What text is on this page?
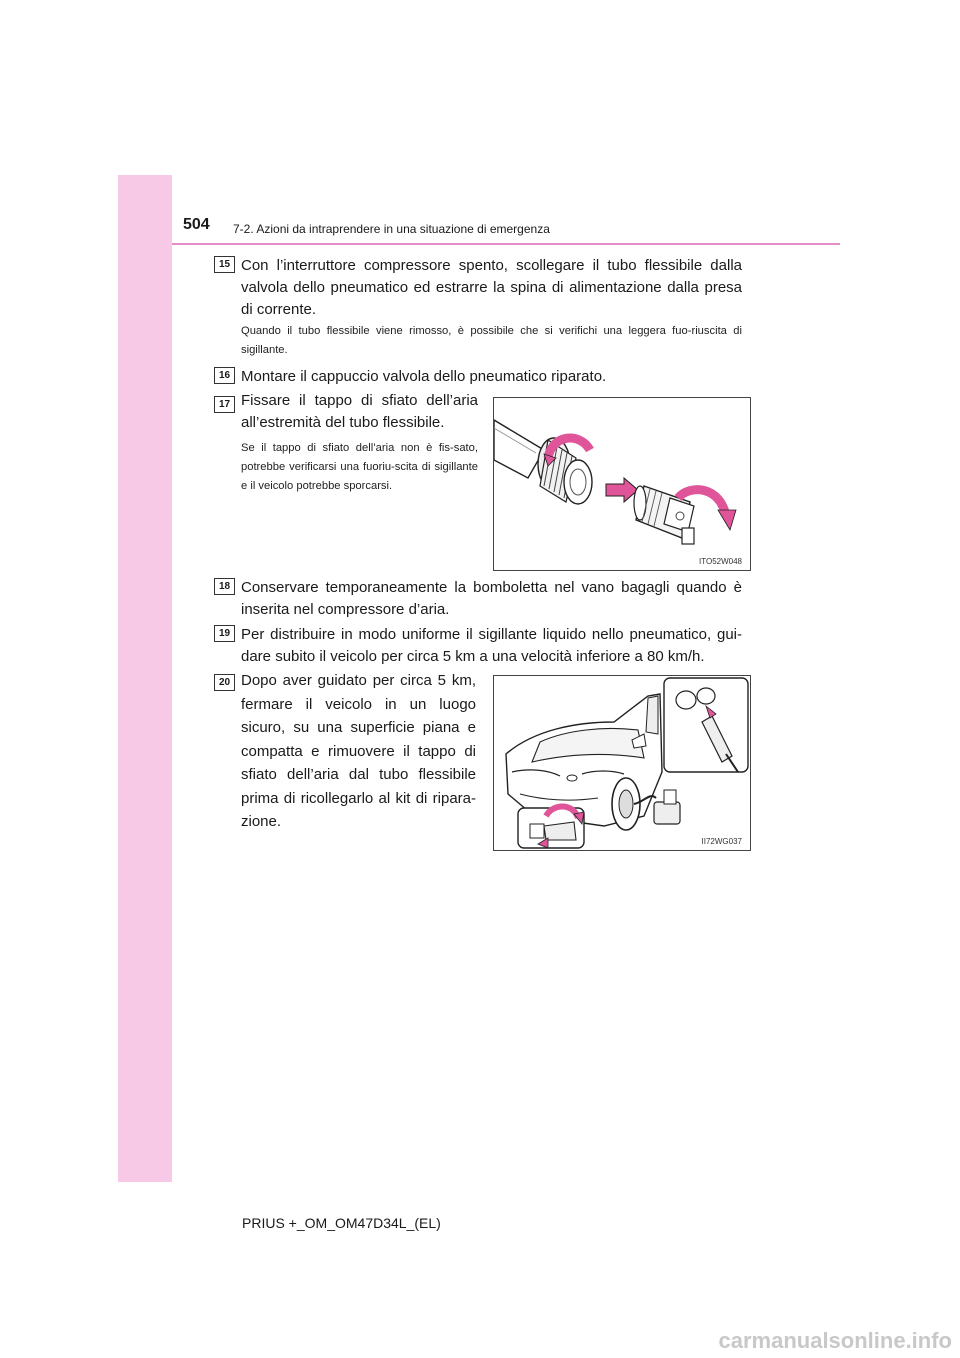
504 7-2. Azioni da intraprendere in una situazione di emergenza
15 Con l’interruttore compressore spento, scollegare il tubo flessibile dalla valvola dello pneumatico ed estrarre la spina di alimentazione dalla presa di corrente.
Quando il tubo flessibile viene rimosso, è possibile che si verifichi una leggera fuo-riuscita di sigillante.
16 Montare il cappuccio valvola dello pneumatico riparato.
17 Fissare il tappo di sfiato dell’aria all’estremità del tubo flessibile.
Se il tappo di sfiato dell’aria non è fis-sato, potrebbe verificarsi una fuoriu-scita di sigillante e il veicolo potrebbe sporcarsi.
ITO52W048
18 Conservare temporaneamente la bomboletta nel vano bagagli quando è inserita nel compressore d’aria.
19 Per distribuire in modo uniforme il sigillante liquido nello pneumatico, gui-dare subito il veicolo per circa 5 km a una velocità inferiore a 80 km/h.
20 Dopo aver guidato per circa 5 km, fermare il veicolo in un luogo sicuro, su una superficie piana e compatta e rimuovere il tappo di sfiato dell’aria dal tubo flessibile prima di ricollegarlo al kit di ripara-zione.
II72WG037
PRIUS +_OM_OM47D34L_(EL)
carmanualsonline.info
